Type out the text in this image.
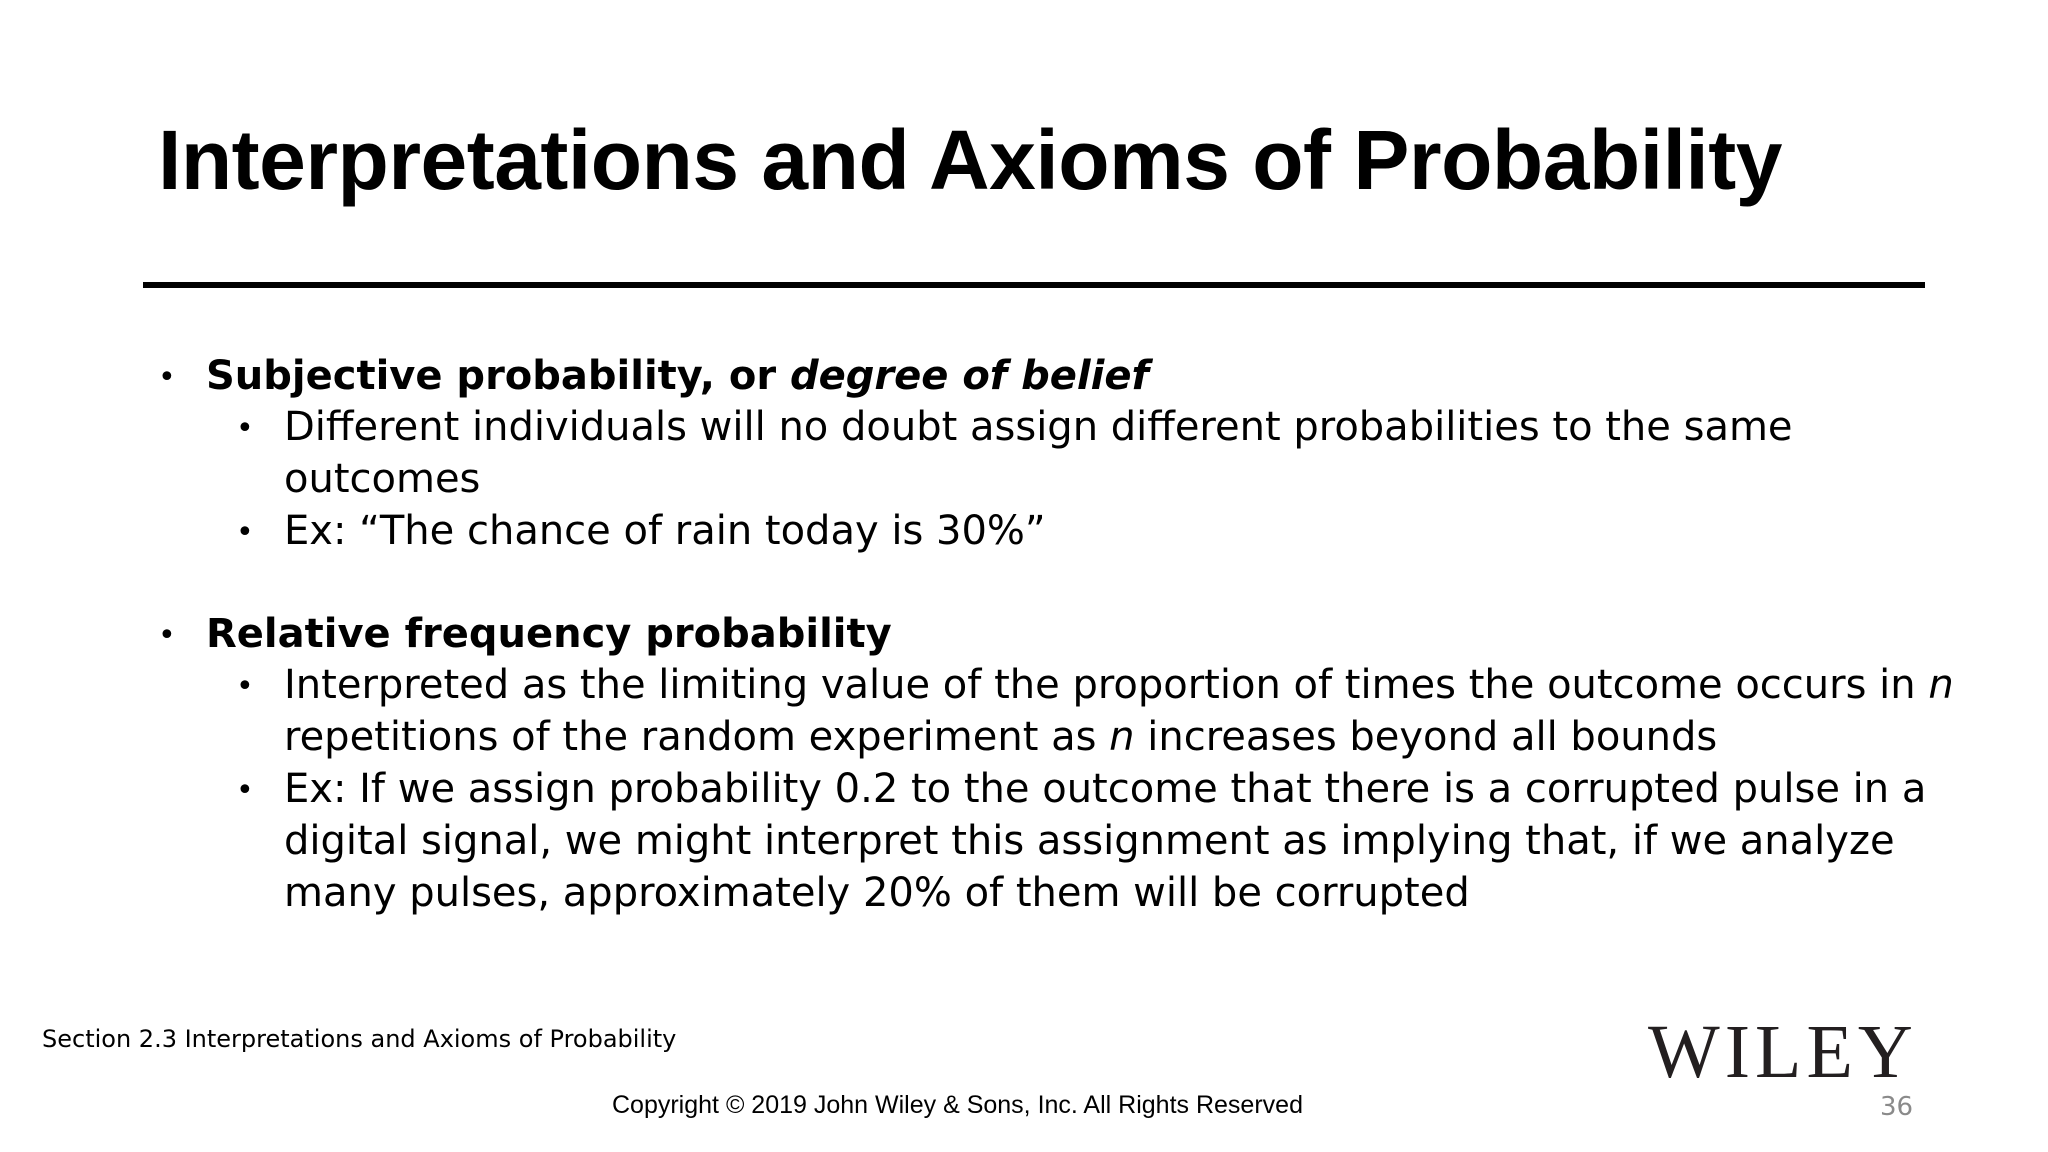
Interpretations and Axioms of Probability
• Subjective probability, or degree of belief
• Different individuals will no doubt assign different probabilities to the same
outcomes
• Ex: “The chance of rain today is 30%”
• Relative frequency probability
• Interpreted as the limiting value of the proportion of times the outcome occurs in n
repetitions of the random experiment as n increases beyond all bounds
• Ex: If we assign probability 0.2 to the outcome that there is a corrupted pulse in a
digital signal, we might interpret this assignment as implying that, if we analyze
many pulses, approximately 20% of them will be corrupted
Section 2.3 Interpretations and Axioms of Probability
Copyright © 2019 John Wiley & Sons, Inc. All Rights Reserved
WILEY
36
